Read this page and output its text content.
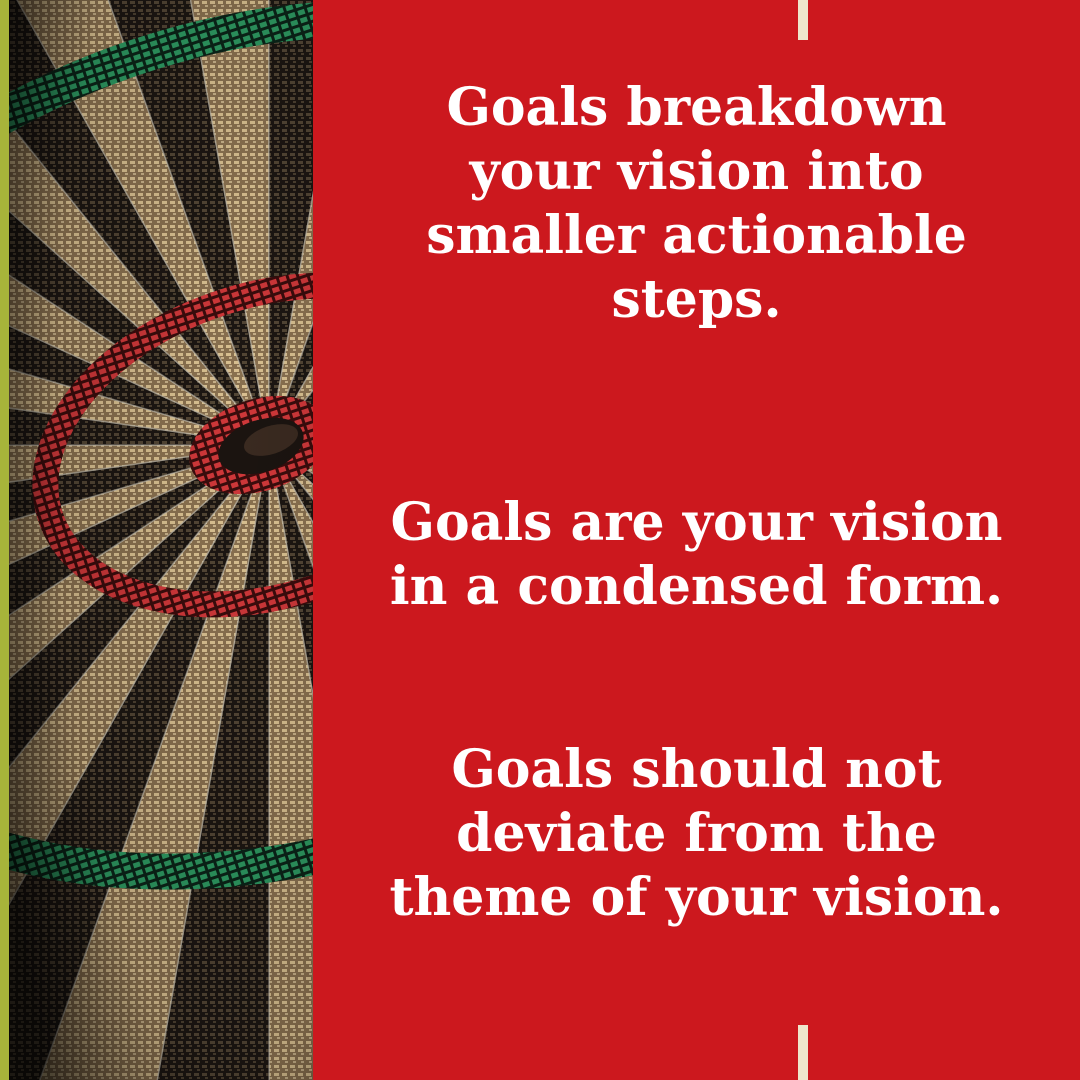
Goals breakdown
your vision into
smaller actionable
steps.
Goals are your vision
in a condensed form.
Goals should not
deviate from the
theme of your vision.
